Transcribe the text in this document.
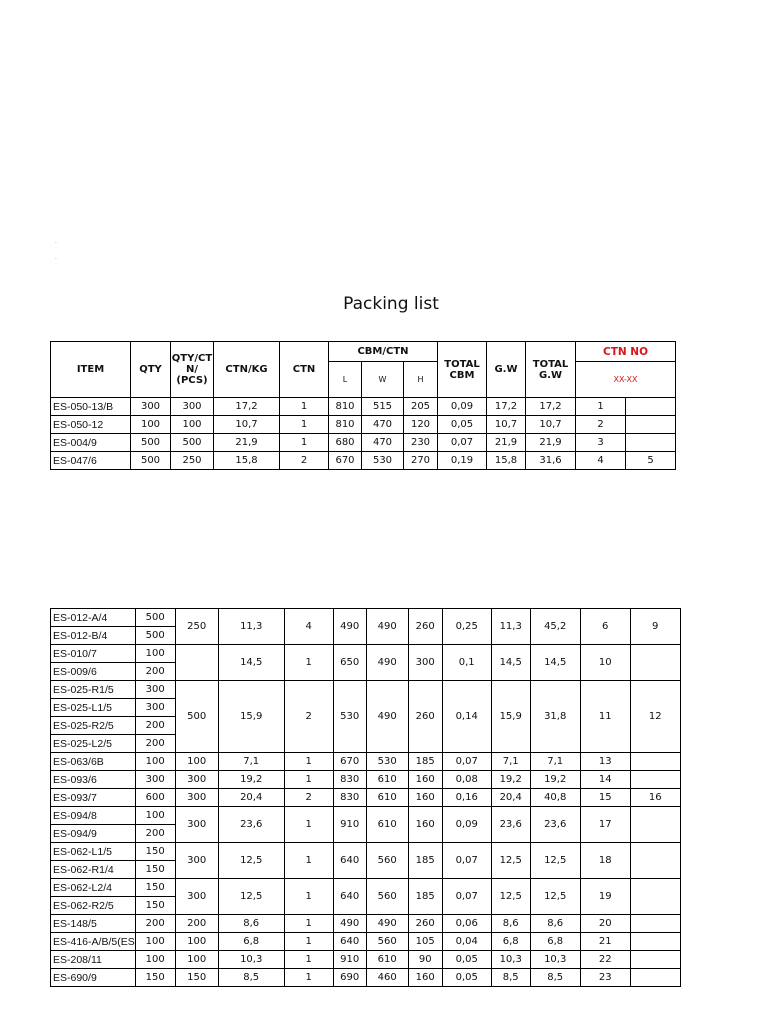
·
·
Packing list
ITEM	QTY	QTY/CT
N/
(PCS)	CTN/KG	CTN	CBM/CTN			TOTAL
CBM	G.W	TOTAL
G.W	CTN NO	
					L	W	H				XX-XX	
ES-050-13/B	300	300	17,2	1	810	515	205	0,09	17,2	17,2	1	
ES-050-12	100	100	10,7	1	810	470	120	0,05	10,7	10,7	2	
ES-004/9	500	500	21,9	1	680	470	230	0,07	21,9	21,9	3	
ES-047/6	500	250	15,8	2	670	530	270	0,19	15,8	31,6	4	5
ES-012-A/4	500	250	11,3	4	490	490	260	0,25	11,3	45,2	6	9
ES-012-B/4	500											
ES-010/7	100		14,5	1	650	490	300	0,1	14,5	14,5	10	
ES-009/6	200											
ES-025-R1/5	300	500	15,9	2	530	490	260	0,14	15,9	31,8	11	12
ES-025-L1/5	300											
ES-025-R2/5	200											
ES-025-L2/5	200											
ES-063/6B	100	100	7,1	1	670	530	185	0,07	7,1	7,1	13	
ES-093/6	300	300	19,2	1	830	610	160	0,08	19,2	19,2	14	
ES-093/7	600	300	20,4	2	830	610	160	0,16	20,4	40,8	15	16
ES-094/8	100	300	23,6	1	910	610	160	0,09	23,6	23,6	17	
ES-094/9	200											
ES-062-L1/5	150	300	12,5	1	640	560	185	0,07	12,5	12,5	18	
ES-062-R1/4	150											
ES-062-L2/4	150	300	12,5	1	640	560	185	0,07	12,5	12,5	19	
ES-062-R2/5	150											
ES-148/5	200	200	8,6	1	490	490	260	0,06	8,6	8,6	20	
ES-416-A/B/5(ES	100	100	6,8	1	640	560	105	0,04	6,8	6,8	21	
ES-208/11	100	100	10,3	1	910	610	90	0,05	10,3	10,3	22	
ES-690/9	150	150	8,5	1	690	460	160	0,05	8,5	8,5	23	
